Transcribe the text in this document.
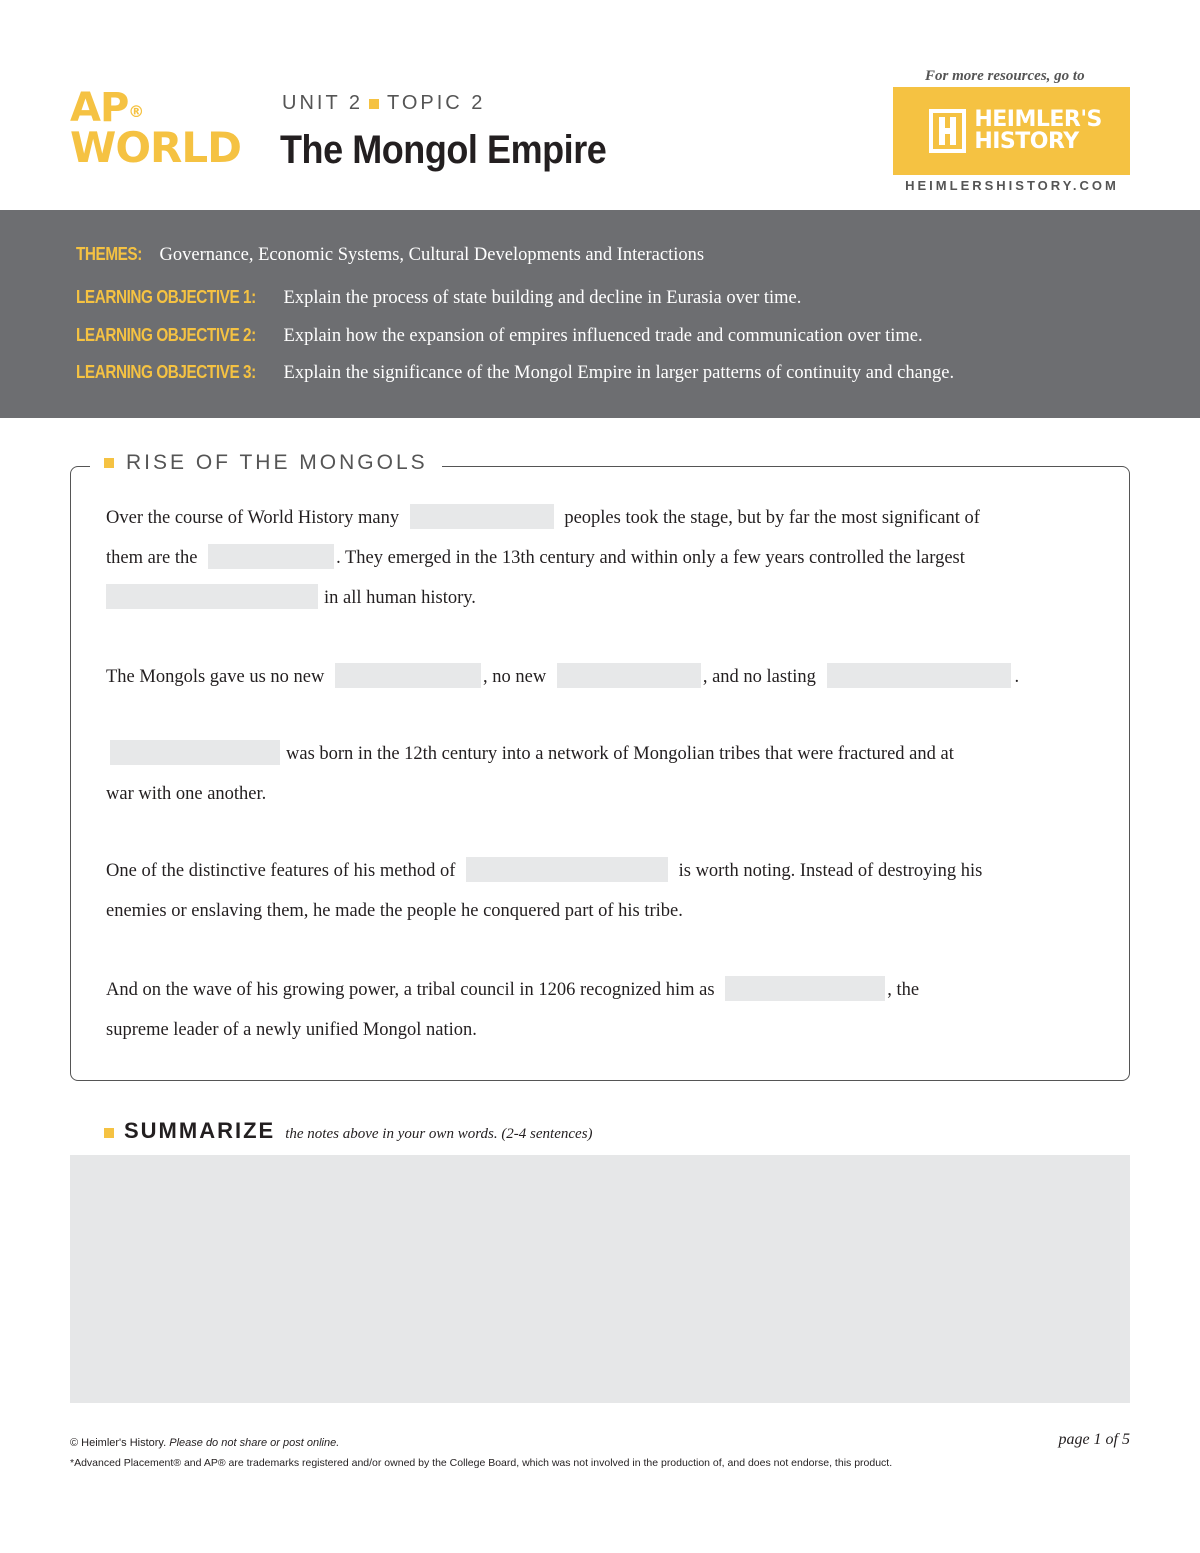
AP®
WORLD
UNIT 2 TOPIC 2
The Mongol Empire
For more resources, go to
HEIMLER'S HISTORY
HEIMLERSHISTORY.COM
THEMES: Governance, Economic Systems, Cultural Developments and Interactions
LEARNING OBJECTIVE 1: Explain the process of state building and decline in Eurasia over time.
LEARNING OBJECTIVE 2: Explain how the expansion of empires influenced trade and communication over time.
LEARNING OBJECTIVE 3: Explain the significance of the Mongol Empire in larger patterns of continuity and change.
RISE OF THE MONGOLS
Over the course of World History many	peoples took the stage, but by far the most significant of
them are the	. They emerged in the 13th century and within only a few years controlled the largest
in all human history.
The Mongols gave us no new	, no new	, and no lasting	.
was born in the 12th century into a network of Mongolian tribes that were fractured and at
war with one another.
One of the distinctive features of his method of	is worth noting. Instead of destroying his
enemies or enslaving them, he made the people he conquered part of his tribe.
And on the wave of his growing power, a tribal council in 1206 recognized him as	, the
supreme leader of a newly unified Mongol nation.
SUMMARIZE the notes above in your own words. (2-4 sentences)
© Heimler's History. Please do not share or post online.
*Advanced Placement® and AP® are trademarks registered and/or owned by the College Board, which was not involved in the production of, and does not endorse, this product.
page 1 of 5
